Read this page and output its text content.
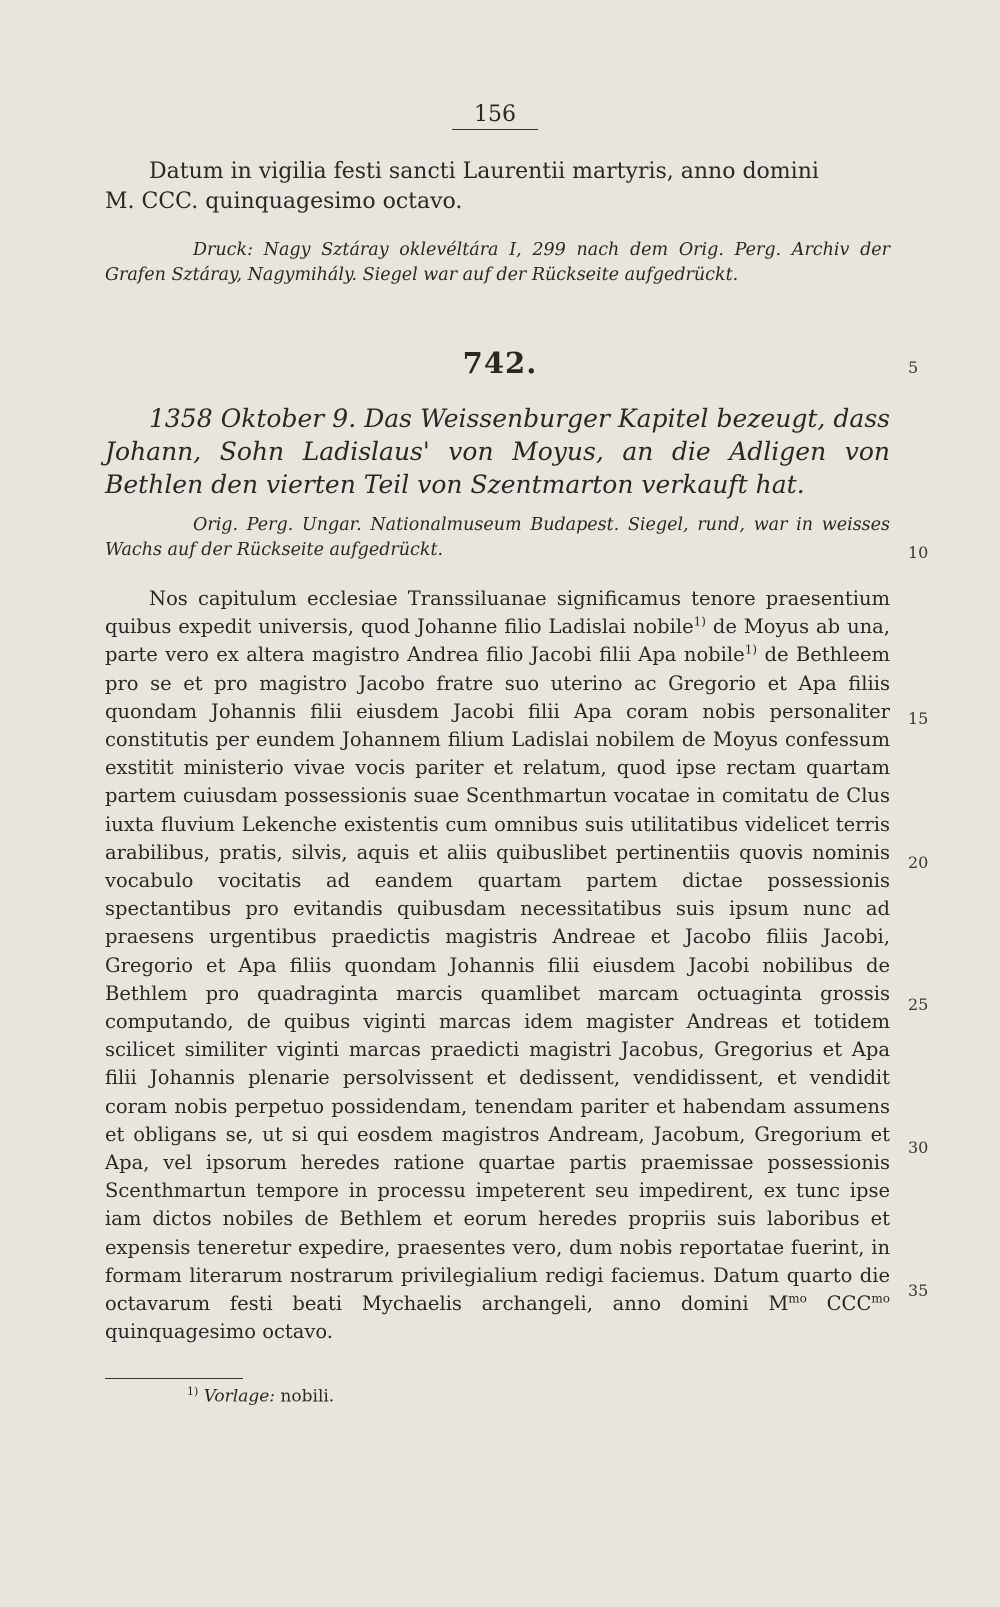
156
Datum in vigilia festi sancti Laurentii martyris, anno domini
M. CCC. quinquagesimo octavo.
Druck: Nagy Sztáray oklevéltára I, 299 nach dem Orig. Perg. Archiv der Grafen Sztáray, Nagymihály. Siegel war auf der Rückseite aufgedrückt.
742.
1358 Oktober 9. Das Weissenburger Kapitel bezeugt, dass Johann, Sohn Ladislaus' von Moyus, an die Adligen von Bethlen den vierten Teil von Szentmarton verkauft hat.
Orig. Perg. Ungar. Nationalmuseum Budapest. Siegel, rund, war in weisses Wachs auf der Rückseite aufgedrückt.
Nos capitulum ecclesiae Transsiluanae significamus tenore praesentium quibus expedit universis, quod Johanne filio Ladislai nobile$^{1)}$ de Moyus ab una, parte vero ex altera magistro Andrea filio Jacobi filii Apa nobile$^{1)}$ de Bethleem pro se et pro magistro Jacobo fratre suo uterino ac Gregorio et Apa filiis quondam Johannis filii eiusdem Jacobi filii Apa coram nobis personaliter constitutis per eundem Johannem filium Ladislai nobilem de Moyus confessum exstitit ministerio vivae vocis pariter et relatum, quod ipse rectam quartam partem cuiusdam possessionis suae Scenthmartun vocatae in comitatu de Clus iuxta fluvium Lekenche existentis cum omnibus suis utilitatibus videlicet terris arabilibus, pratis, silvis, aquis et aliis quibuslibet pertinentiis quovis nominis vocabulo vocitatis ad eandem quartam partem dictae possessionis spectantibus pro evitandis quibusdam necessitatibus suis ipsum nunc ad praesens urgentibus praedictis magistris Andreae et Jacobo filiis Jacobi, Gregorio et Apa filiis quondam Johannis filii eiusdem Jacobi nobilibus de Bethlem pro quadraginta marcis quamlibet marcam octuaginta grossis computando, de quibus viginti marcas idem magister Andreas et totidem scilicet similiter viginti marcas praedicti magistri Jacobus, Gregorius et Apa filii Johannis plenarie persolvissent et dedissent, vendidissent, et vendidit coram nobis perpetuo possidendam, tenendam pariter et habendam assumens et obligans se, ut si qui eosdem magistros Andream, Jacobum, Gregorium et Apa, vel ipsorum heredes ratione quartae partis praemissae possessionis Scenthmartun tempore in processu impeterent seu impedirent, ex tunc ipse iam dictos nobiles de Bethlem et eorum heredes propriis suis laboribus et expensis teneretur expedire, praesentes vero, dum nobis reportatae fuerint, in formam literarum nostrarum privilegialium redigi faciemus. Datum quarto die octavarum festi beati Mychaelis archangeli, anno domini $M^{mo}$ $CCC^{mo}$ quinquagesimo octavo.
5
10
15
20
25
30
35
$^{1)}$ Vorlage: nobili.
